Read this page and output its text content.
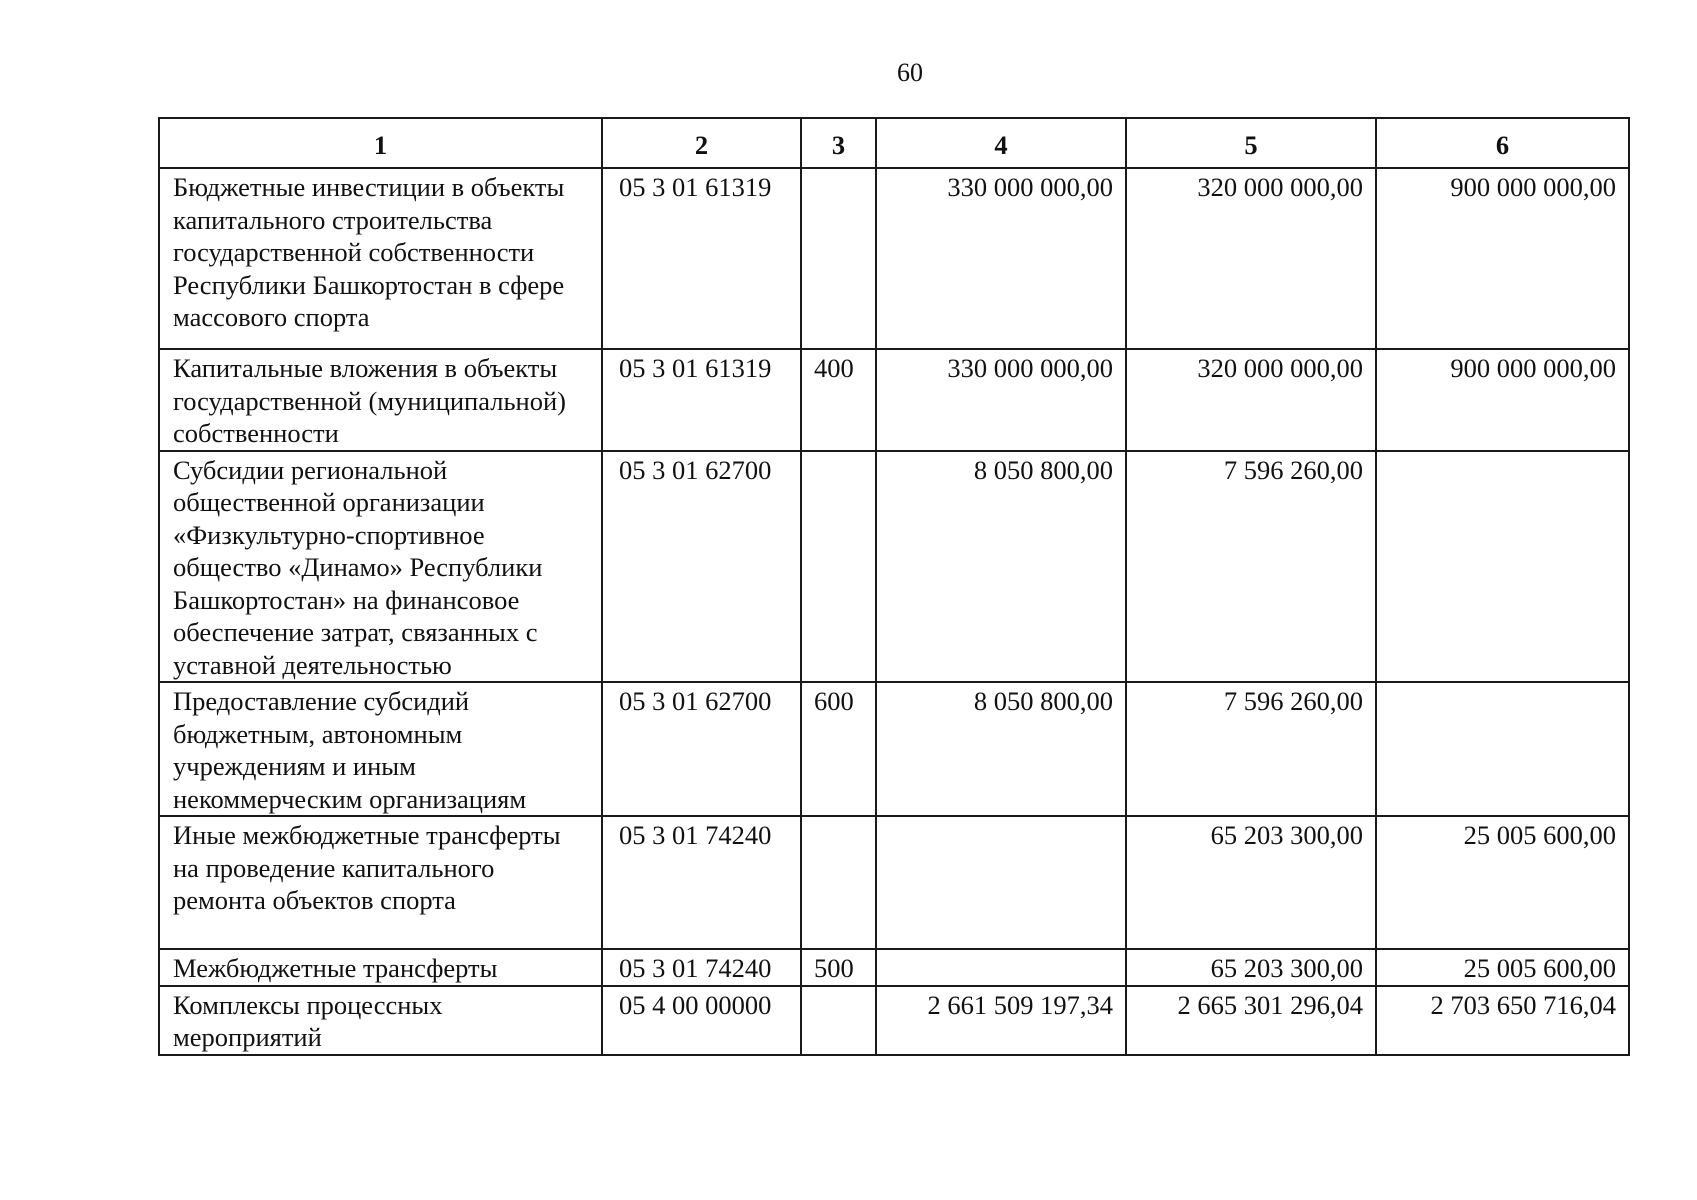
60
1	2	3	4	5	6
Бюджетные инвестиции в объекты капитального строительства государственной собственности Республики Башкортостан в сфере массового спорта	05 3 01 61319		330 000 000,00	320 000 000,00	900 000 000,00
Капитальные вложения в объекты государственной (муниципальной) собственности	05 3 01 61319	400	330 000 000,00	320 000 000,00	900 000 000,00
Субсидии региональной общественной организации «Физкультурно-спортивное общество «Динамо» Республики Башкортостан» на финансовое обеспечение затрат, связанных с уставной деятельностью	05 3 01 62700		8 050 800,00	7 596 260,00	
Предоставление субсидий бюджетным, автономным учреждениям и иным некоммерческим организациям	05 3 01 62700	600	8 050 800,00	7 596 260,00	
Иные межбюджетные трансферты на проведение капитального ремонта объектов спорта	05 3 01 74240			65 203 300,00	25 005 600,00
Межбюджетные трансферты	05 3 01 74240	500		65 203 300,00	25 005 600,00
Комплексы процессных мероприятий	05 4 00 00000		2 661 509 197,34	2 665 301 296,04	2 703 650 716,04
